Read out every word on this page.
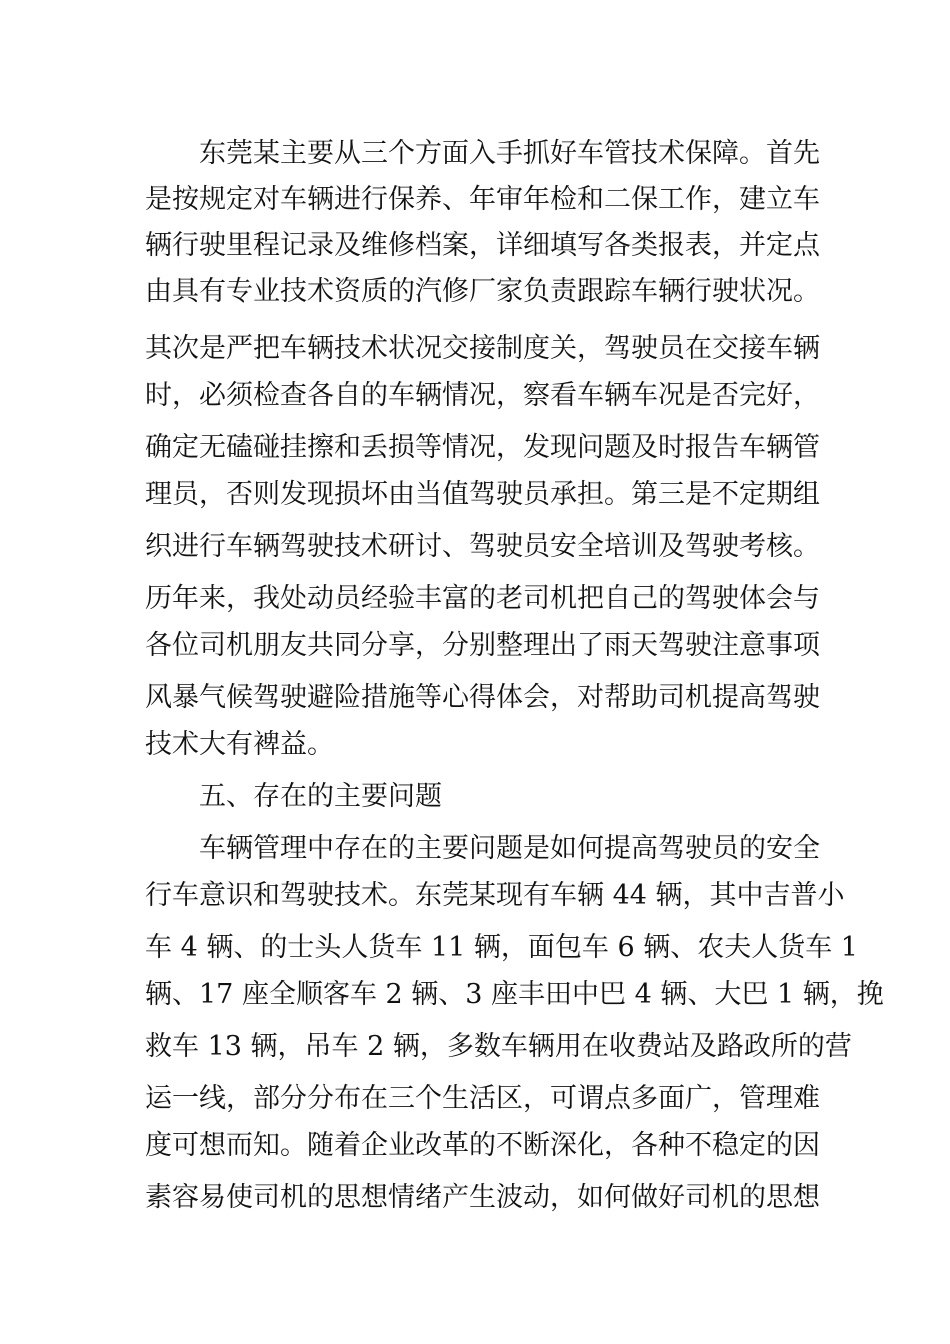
东莞某主要从三个方面入手抓好车管技术保障。首先
是按规定对车辆进行保养、年审年检和二保工作，建立车
辆行驶里程记录及维修档案，详细填写各类报表，并定点
由具有专业技术资质的汽修厂家负责跟踪车辆行驶状况。
其次是严把车辆技术状况交接制度关，驾驶员在交接车辆
时，必须检查各自的车辆情况，察看车辆车况是否完好，
确定无磕碰挂擦和丢损等情况，发现问题及时报告车辆管
理员，否则发现损坏由当值驾驶员承担。第三是不定期组
织进行车辆驾驶技术研讨、驾驶员安全培训及驾驶考核。
历年来，我处动员经验丰富的老司机把自己的驾驶体会与
各位司机朋友共同分享，分别整理出了雨天驾驶注意事项
风暴气候驾驶避险措施等心得体会，对帮助司机提高驾驶
技术大有裨益。
五、存在的主要问题
车辆管理中存在的主要问题是如何提高驾驶员的安全
行车意识和驾驶技术。东莞某现有车辆 44 辆，其中吉普小
车 4 辆、的士头人货车 11 辆，面包车 6 辆、农夫人货车 1
辆、17 座全顺客车 2 辆、3 座丰田中巴 4 辆、大巴 1 辆，挽
救车 13 辆，吊车 2 辆，多数车辆用在收费站及路政所的营
运一线，部分分布在三个生活区，可谓点多面广，管理难
度可想而知。随着企业改革的不断深化，各种不稳定的因
素容易使司机的思想情绪产生波动，如何做好司机的思想
